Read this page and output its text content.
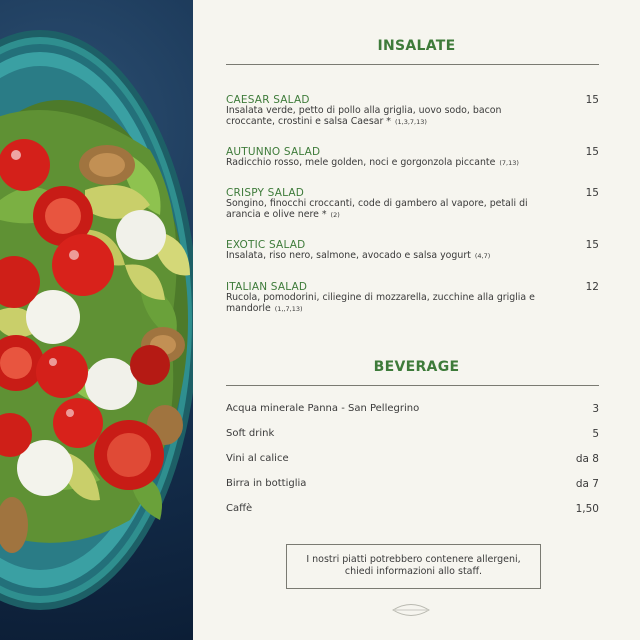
INSALATE
CAESAR SALAD
Insalata verde, petto di pollo alla griglia, uovo sodo, bacon croccante, crostini e salsa Caesar * (1,3,7,13)
15
AUTUNNO SALAD
Radicchio rosso, mele golden, noci e gorgonzola piccante (7,13)
15
CRISPY SALAD
Songino, finocchi croccanti, code di gambero al vapore, petali di arancia e olive nere * (2)
15
EXOTIC SALAD
Insalata, riso nero, salmone, avocado e salsa yogurt (4,7)
15
ITALIAN SALAD
Rucola, pomodorini, ciliegine di mozzarella, zucchine alla griglia e mandorle (1,,7,13)
12
BEVERAGE
Acqua minerale Panna - San Pellegrino	3
Soft drink	5
Vini al calice	da 8
Birra in bottiglia	da 7
Caffè	1,50
I nostri piatti potrebbero contenere allergeni,
chiedi informazioni allo staff.
